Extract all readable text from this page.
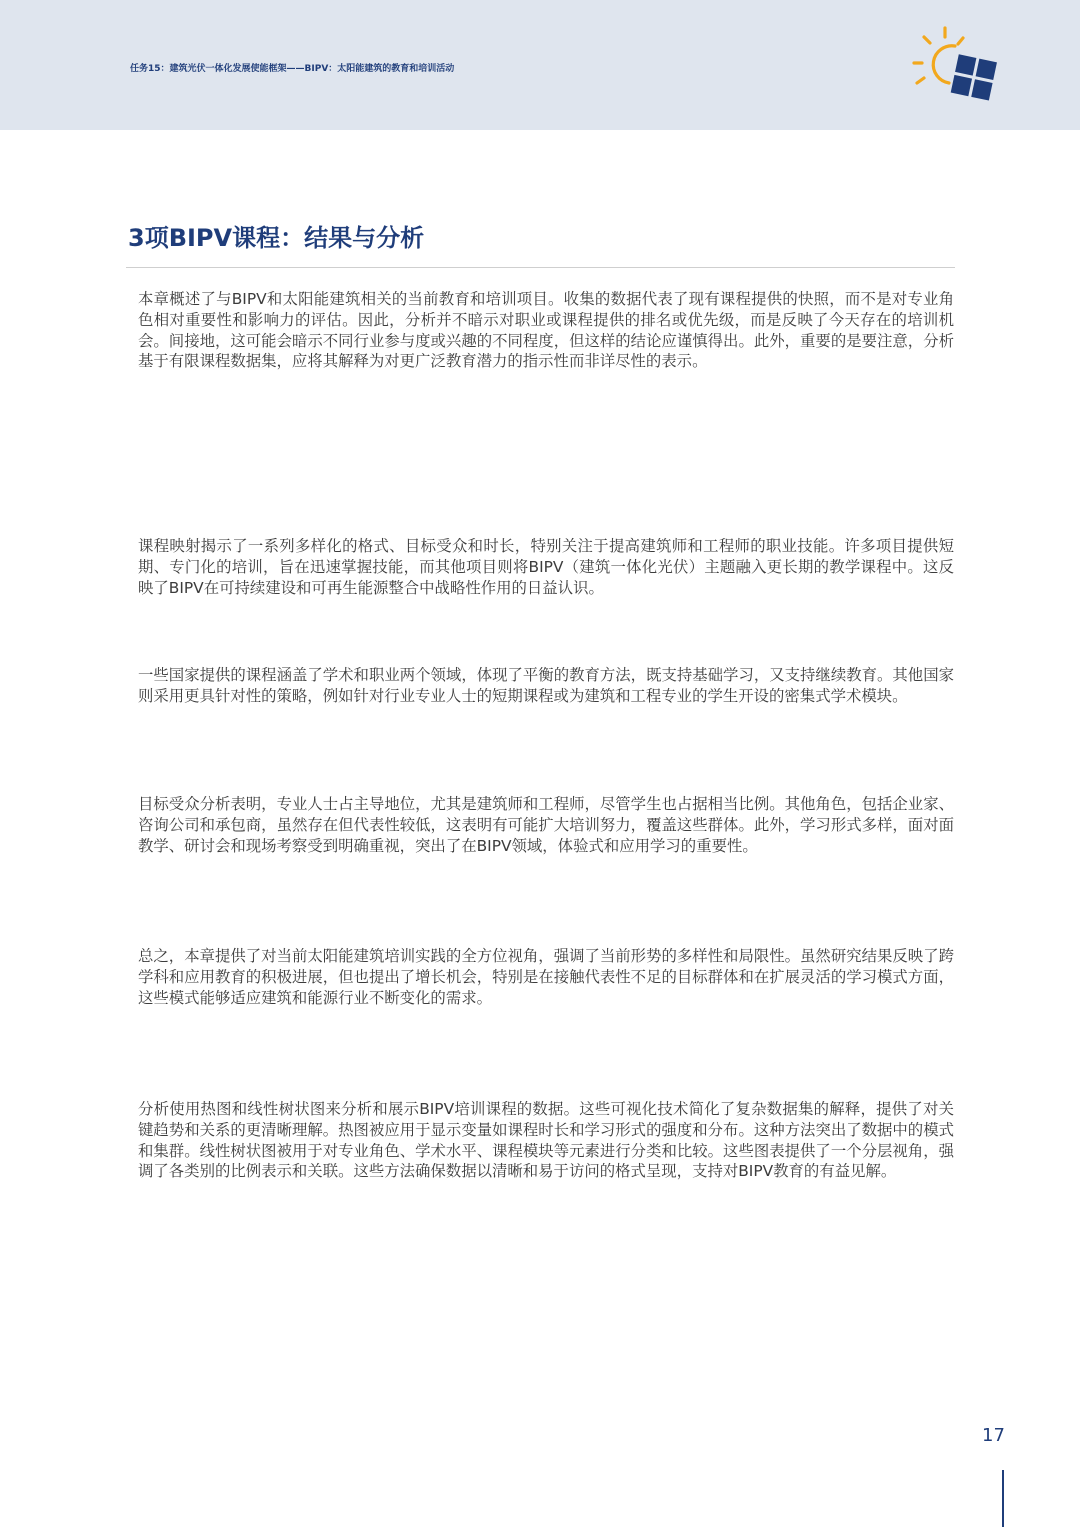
任务15：建筑光伏一体化发展使能框架——BIPV：太阳能建筑的教育和培训活动
3项BIPV课程：结果与分析

本章概述了与BIPV和太阳能建筑相关的当前教育和培训项目。收集的数据代表了现有课程提供的快照，而不是对专业角色相对重要性和影响力的评估。因此，分析并不暗示对职业或课程提供的排名或优先级，而是反映了今天存在的培训机会。间接地，这可能会暗示不同行业参与度或兴趣的不同程度，但这样的结论应谨慎得出。此外，重要的是要注意，分析基于有限课程数据集，应将其解释为对更广泛教育潜力的指示性而非详尽性的表示。

课程映射揭示了一系列多样化的格式、目标受众和时长，特别关注于提高建筑师和工程师的职业技能。许多项目提供短期、专门化的培训，旨在迅速掌握技能，而其他项目则将BIPV（建筑一体化光伏）主题融入更长期的教学课程中。这反映了BIPV在可持续建设和可再生能源整合中战略性作用的日益认识。

一些国家提供的课程涵盖了学术和职业两个领域，体现了平衡的教育方法，既支持基础学习，又支持继续教育。其他国家则采用更具针对性的策略，例如针对行业专业人士的短期课程或为建筑和工程专业的学生开设的密集式学术模块。

目标受众分析表明，专业人士占主导地位，尤其是建筑师和工程师，尽管学生也占据相当比例。其他角色，包括企业家、咨询公司和承包商，虽然存在但代表性较低，这表明有可能扩大培训努力，覆盖这些群体。此外，学习形式多样，面对面教学、研讨会和现场考察受到明确重视，突出了在BIPV领域，体验式和应用学习的重要性。

总之，本章提供了对当前太阳能建筑培训实践的全方位视角，强调了当前形势的多样性和局限性。虽然研究结果反映了跨学科和应用教育的积极进展，但也提出了增长机会，特别是在接触代表性不足的目标群体和在扩展灵活的学习模式方面，这些模式能够适应建筑和能源行业不断变化的需求。

分析使用热图和线性树状图来分析和展示BIPV培训课程的数据。这些可视化技术简化了复杂数据集的解释，提供了对关键趋势和关系的更清晰理解。热图被应用于显示变量如课程时长和学习形式的强度和分布。这种方法突出了数据中的模式和集群。线性树状图被用于对专业角色、学术水平、课程模块等元素进行分类和比较。这些图表提供了一个分层视角，强调了各类别的比例表示和关联。这些方法确保数据以清晰和易于访问的格式呈现，支持对BIPV教育的有益见解。

17
